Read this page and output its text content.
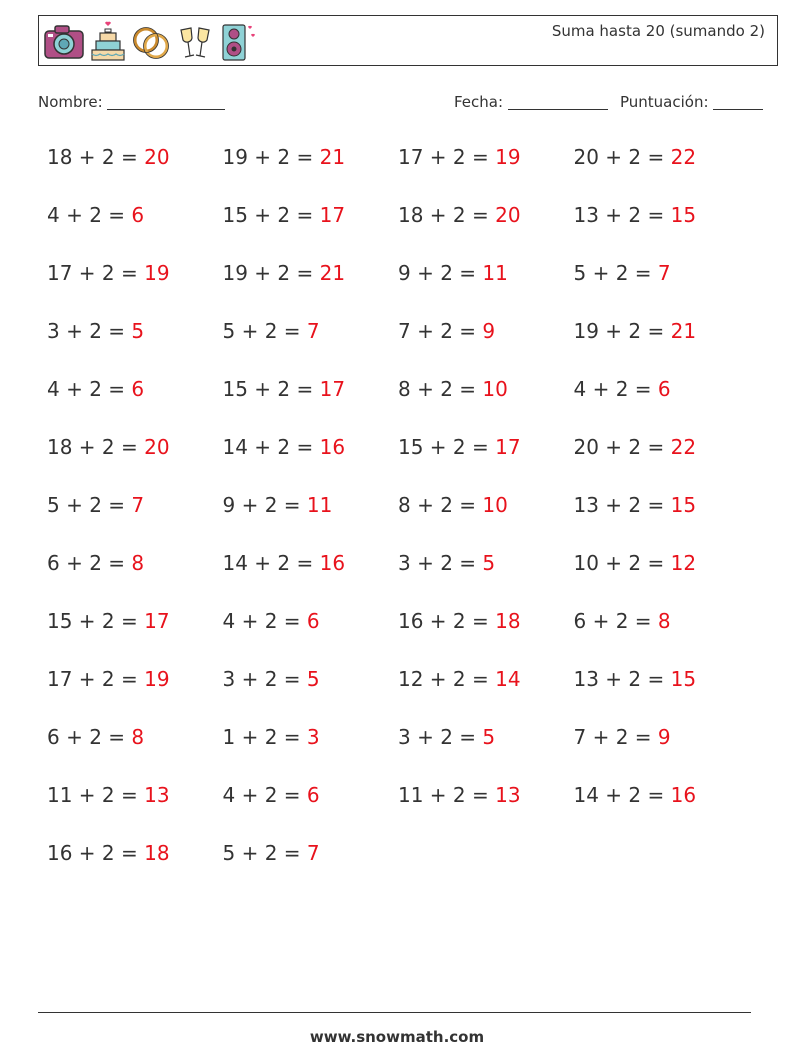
Suma hasta 20 (sumando 2)
Nombre:	Fecha:	Puntuación:
18 + 2 = 20	19 + 2 = 21	17 + 2 = 19	20 + 2 = 22
4 + 2 = 6	15 + 2 = 17	18 + 2 = 20	13 + 2 = 15
17 + 2 = 19	19 + 2 = 21	9 + 2 = 11	5 + 2 = 7
3 + 2 = 5	5 + 2 = 7	7 + 2 = 9	19 + 2 = 21
4 + 2 = 6	15 + 2 = 17	8 + 2 = 10	4 + 2 = 6
18 + 2 = 20	14 + 2 = 16	15 + 2 = 17	20 + 2 = 22
5 + 2 = 7	9 + 2 = 11	8 + 2 = 10	13 + 2 = 15
6 + 2 = 8	14 + 2 = 16	3 + 2 = 5	10 + 2 = 12
15 + 2 = 17	4 + 2 = 6	16 + 2 = 18	6 + 2 = 8
17 + 2 = 19	3 + 2 = 5	12 + 2 = 14	13 + 2 = 15
6 + 2 = 8	1 + 2 = 3	3 + 2 = 5	7 + 2 = 9
11 + 2 = 13	4 + 2 = 6	11 + 2 = 13	14 + 2 = 16
16 + 2 = 18	5 + 2 = 7
www.snowmath.com
